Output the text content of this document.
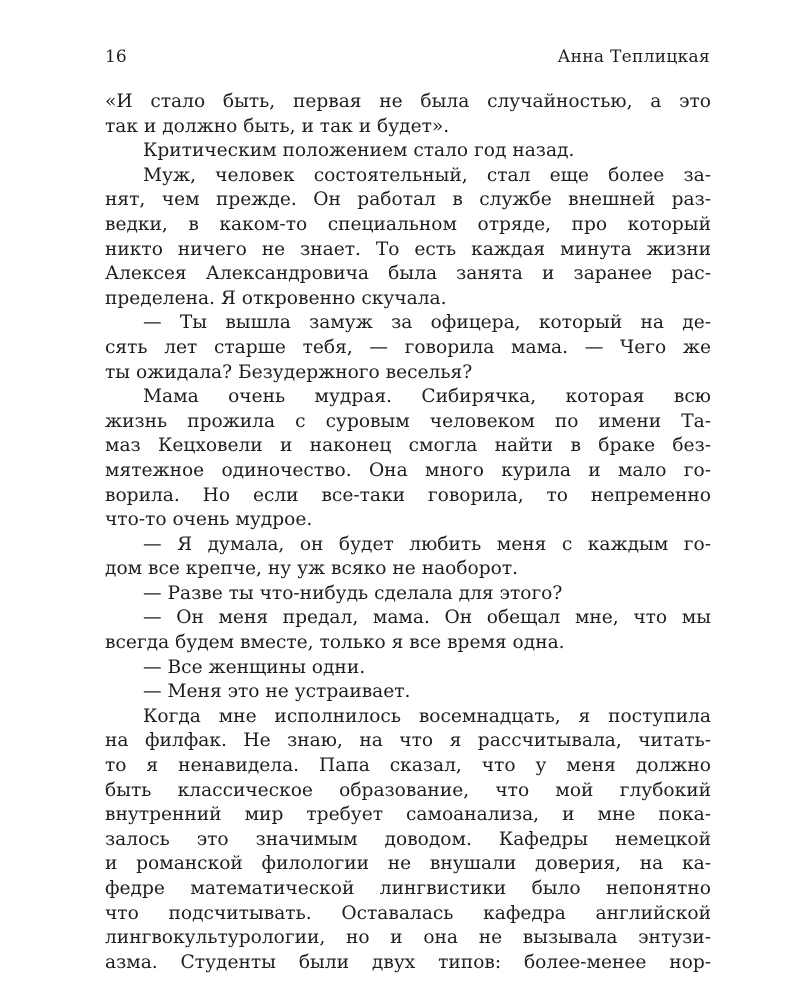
16	Анна Теплицкая
«И стало быть, первая не была случайностью, а это
так и должно быть, и так и будет».
Критическим положением стало год назад.
Муж, человек состоятельный, стал еще более за-
нят, чем прежде. Он работал в службе внешней раз-
ведки, в каком-то специальном отряде, про который
никто ничего не знает. То есть каждая минута жизни
Алексея Александровича была занята и заранее рас-
пределена. Я откровенно скучала.
— Ты вышла замуж за офицера, который на де-
сять лет старше тебя, — говорила мама. — Чего же
ты ожидала? Безудержного веселья?
Мама очень мудрая. Сибирячка, которая всю
жизнь прожила с суровым человеком по имени Та-
маз Кецховели и наконец смогла найти в браке без-
мятежное одиночество. Она много курила и мало го-
ворила. Но если все-таки говорила, то непременно
что-то очень мудрое.
— Я думала, он будет любить меня с каждым го-
дом все крепче, ну уж всяко не наоборот.
— Разве ты что-нибудь сделала для этого?
— Он меня предал, мама. Он обещал мне, что мы
всегда будем вместе, только я все время одна.
— Все женщины одни.
— Меня это не устраивает.
Когда мне исполнилось восемнадцать, я поступила
на филфак. Не знаю, на что я рассчитывала, читать-
то я ненавидела. Папа сказал, что у меня должно
быть классическое образование, что мой глубокий
внутренний мир требует самоанализа, и мне пока-
залось это значимым доводом. Кафедры немецкой
и романской филологии не внушали доверия, на ка-
федре математической лингвистики было непонятно
что подсчитывать. Оставалась кафедра английской
лингвокультурологии, но и она не вызывала энтузи-
азма. Студенты были двух типов: более-менее нор-
